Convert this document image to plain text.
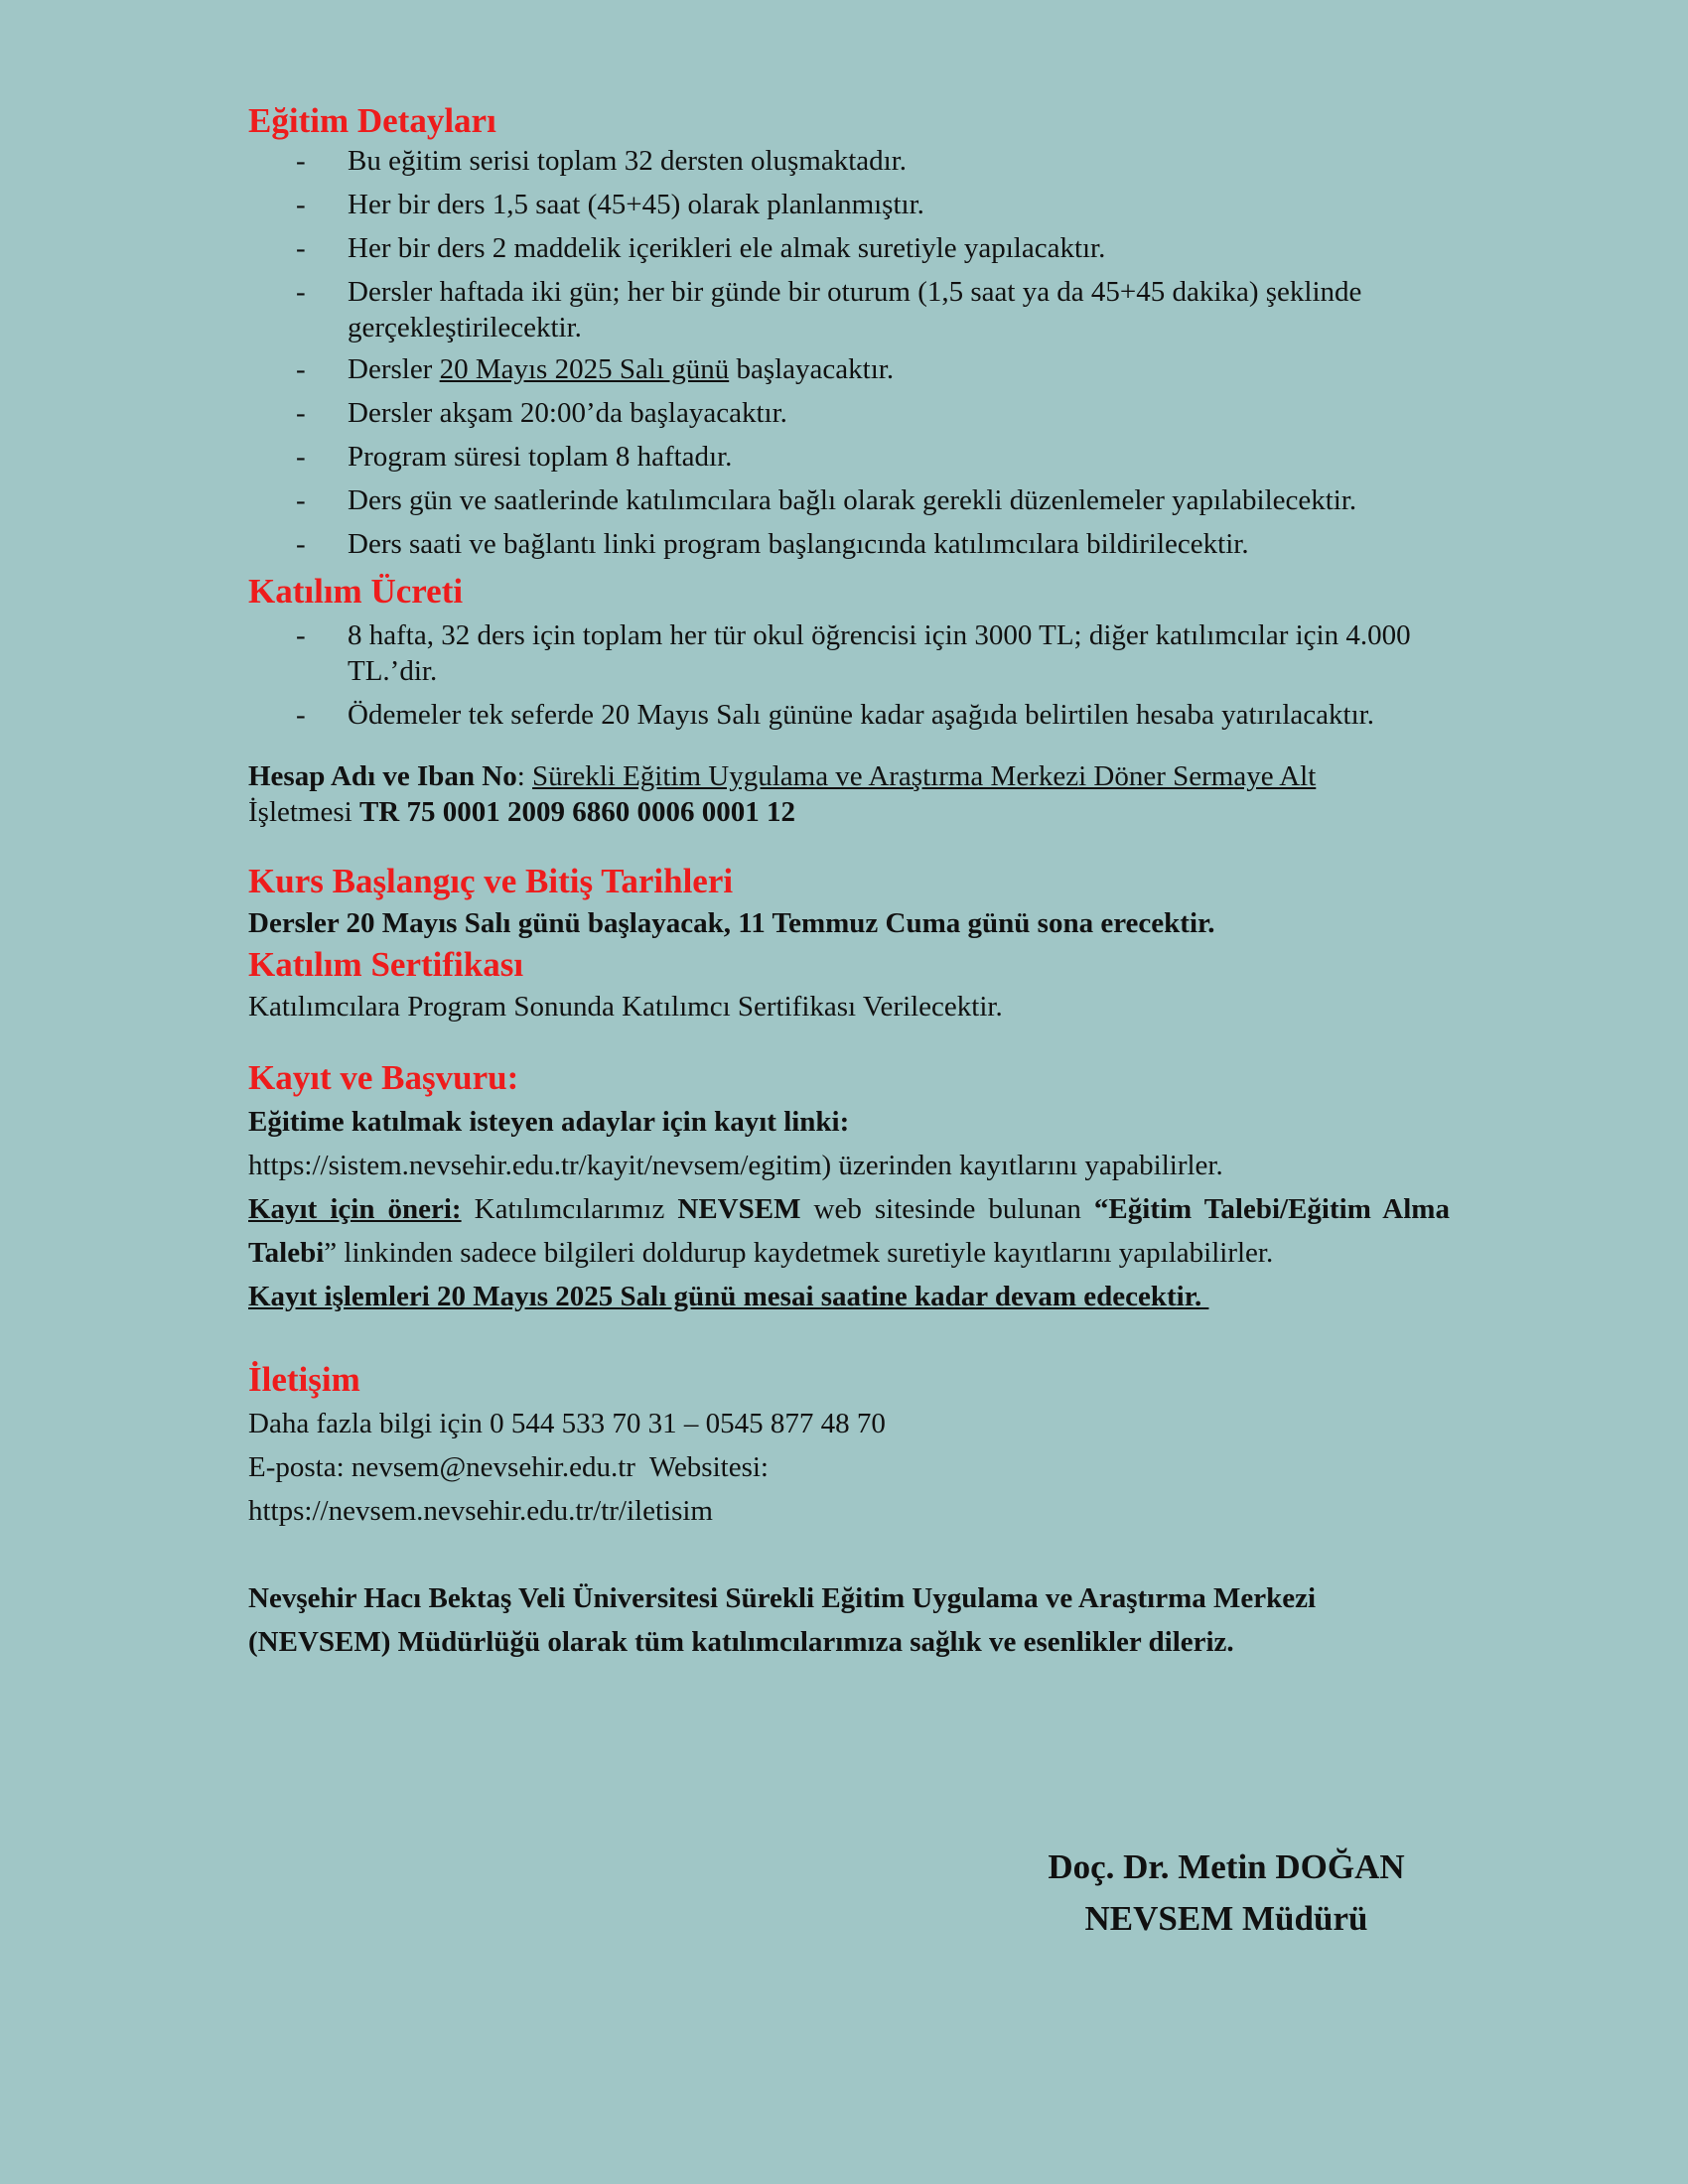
Eğitim Detayları
- Bu eğitim serisi toplam 32 dersten oluşmaktadır.
- Her bir ders 1,5 saat (45+45) olarak planlanmıştır.
- Her bir ders 2 maddelik içerikleri ele almak suretiyle yapılacaktır.
- Dersler haftada iki gün; her bir günde bir oturum (1,5 saat ya da 45+45 dakika) şeklinde gerçekleştirilecektir.
- Dersler 20 Mayıs 2025 Salı günü başlayacaktır.
- Dersler akşam 20:00’da başlayacaktır.
- Program süresi toplam 8 haftadır.
- Ders gün ve saatlerinde katılımcılara bağlı olarak gerekli düzenlemeler yapılabilecektir.
- Ders saati ve bağlantı linki program başlangıcında katılımcılara bildirilecektir.
Katılım Ücreti
- 8 hafta, 32 ders için toplam her tür okul öğrencisi için 3000 TL; diğer katılımcılar için 4.000 TL.’dir.
- Ödemeler tek seferde 20 Mayıs Salı gününe kadar aşağıda belirtilen hesaba yatırılacaktır.
Hesap Adı ve Iban No: Sürekli Eğitim Uygulama ve Araştırma Merkezi Döner Sermaye Alt
İşletmesi TR 75 0001 2009 6860 0006 0001 12
Kurs Başlangıç ve Bitiş Tarihleri
Dersler 20 Mayıs Salı günü başlayacak, 11 Temmuz Cuma günü sona erecektir.
Katılım Sertifikası
Katılımcılara Program Sonunda Katılımcı Sertifikası Verilecektir.
Kayıt ve Başvuru:
Eğitime katılmak isteyen adaylar için kayıt linki:
https://sistem.nevsehir.edu.tr/kayit/nevsem/egitim) üzerinden kayıtlarını yapabilirler.
Kayıt için öneri: Katılımcılarımız NEVSEM web sitesinde bulunan “Eğitim Talebi/Eğitim Alma Talebi” linkinden sadece bilgileri doldurup kaydetmek suretiyle kayıtlarını yapılabilirler.
Kayıt işlemleri 20 Mayıs 2025 Salı günü mesai saatine kadar devam edecektir.
İletişim
Daha fazla bilgi için 0 544 533 70 31 – 0545 877 48 70
E-posta: nevsem@nevsehir.edu.tr  Websitesi:
https://nevsem.nevsehir.edu.tr/tr/iletisim
Nevşehir Hacı Bektaş Veli Üniversitesi Sürekli Eğitim Uygulama ve Araştırma Merkezi (NEVSEM) Müdürlüğü olarak tüm katılımcılarımıza sağlık ve esenlikler dileriz.
Doç. Dr. Metin DOĞAN
NEVSEM Müdürü
